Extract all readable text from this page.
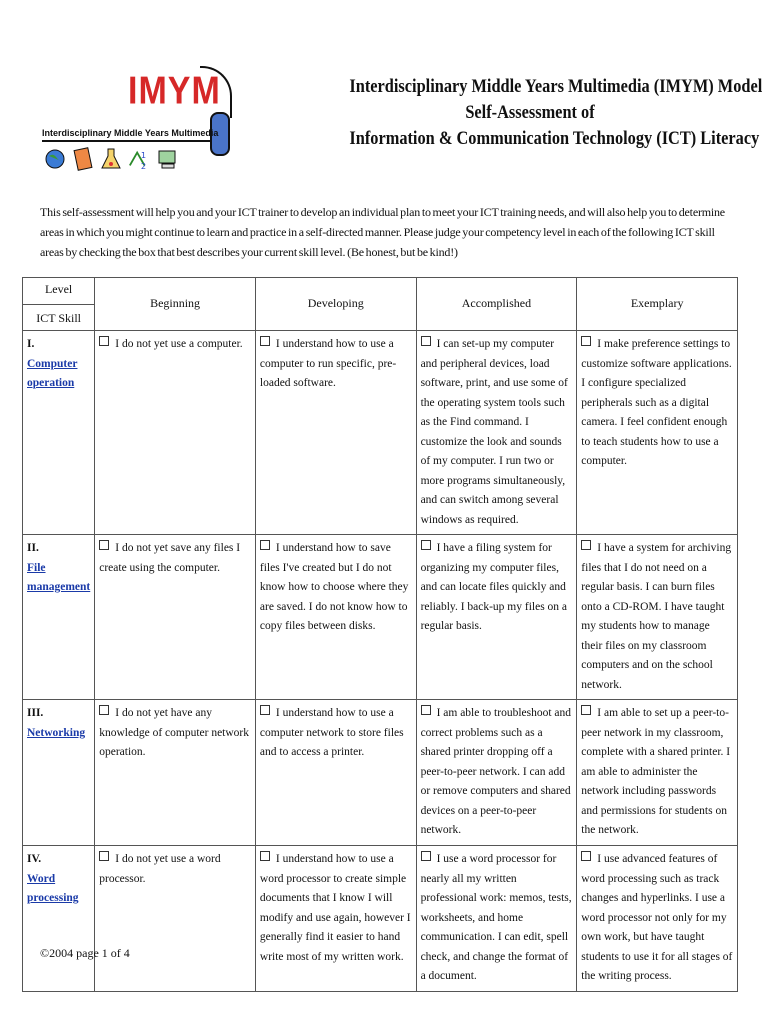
IMYM
Interdisciplinary Middle Years Multimedia
1
2
Interdisciplinary Middle Years Multimedia (IMYM) Model
Self-Assessment of
Information & Communication Technology (ICT) Literacy
This self-assessment will help you and your ICT trainer to develop an individual plan to meet your ICT training needs, and will also help you to determine areas in which you might continue to learn and practice in a self-directed manner. Please judge your competency level in each of the following ICT skill areas by checking the box that best describes your current skill level. (Be honest, but be kind!)
Level
ICT Skill	Beginning	Developing	Accomplished	Exemplary

I.
Computer operation	I do not yet use a computer.	I understand how to use a computer to run specific, pre-loaded software.	I can set-up my computer and peripheral devices, load software, print, and use some of the operating system tools such as the Find command. I customize the look and sounds of my computer. I run two or more programs simultaneously, and can switch among several windows as required.	I make preference settings to customize software applications. I configure specialized peripherals such as a digital camera. I feel confident enough to teach students how to use a computer.

II.
File management	I do not yet save any files I create using the computer.	I understand how to save files I've created but I do not know how to choose where they are saved. I do not know how to copy files between disks.	I have a filing system for organizing my computer files, and can locate files quickly and reliably. I back-up my files on a regular basis.	I have a system for archiving files that I do not need on a regular basis. I can burn files onto a CD-ROM. I have taught my students how to manage their files on my classroom computers and on the school network.

III.
Networking	I do not yet have any knowledge of computer network operation.	I understand how to use a computer network to store files and to access a printer.	I am able to troubleshoot and correct problems such as a shared printer dropping off a peer-to-peer network. I can add or remove computers and shared devices on a peer-to-peer network.	I am able to set up a peer-to-peer network in my classroom, complete with a shared printer. I am able to administer the network including passwords and permissions for students on the network.

IV.
Word processing	I do not yet use a word processor.	I understand how to use a word processor to create simple documents that I know I will modify and use again, however I generally find it easier to hand write most of my written work.	I use a word processor for nearly all my written professional work: memos, tests, worksheets, and home communication. I can edit, spell check, and change the format of a document.	I use advanced features of word processing such as track changes and hyperlinks. I use a word processor not only for my own work, but have taught students to use it for all stages of the writing process.
©2004 page 1 of 4
